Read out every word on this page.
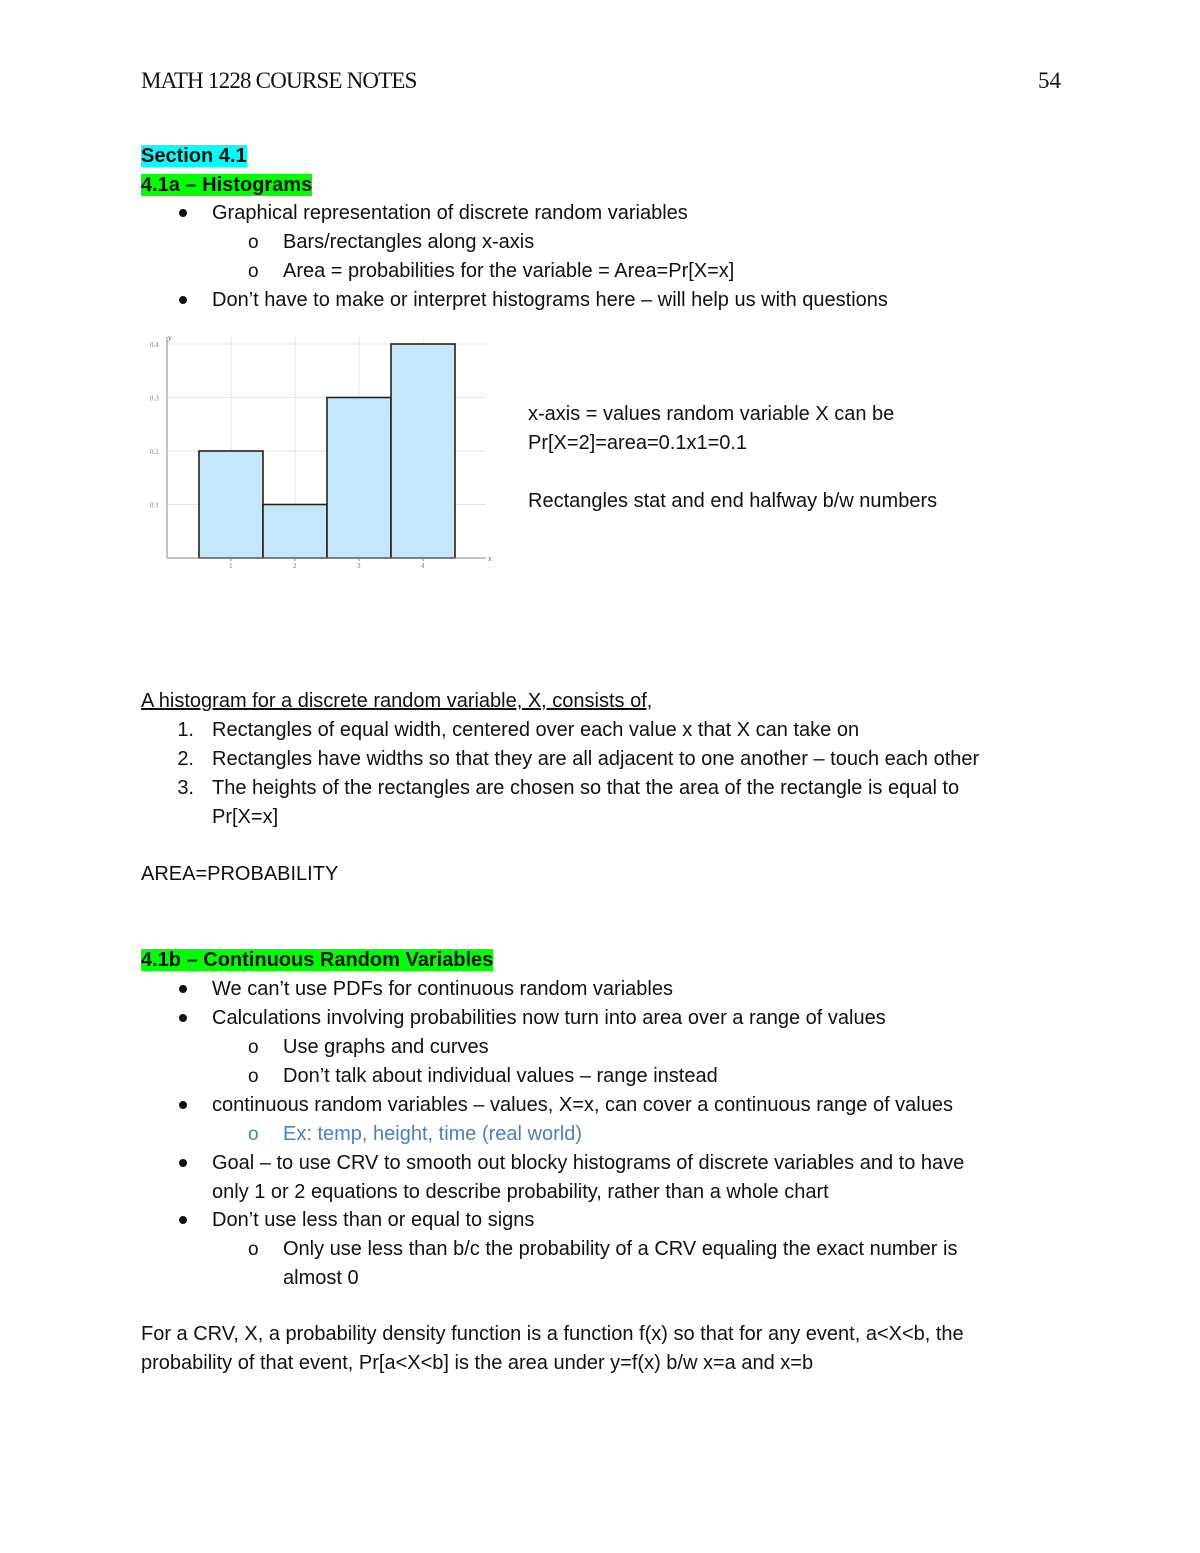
MATH 1228 COURSE NOTES	54
Section 4.1
4.1a – Histograms
Graphical representation of discrete random variables
o Bars/rectangles along x-axis
o Area = probabilities for the variable = Area=Pr[X=x]
Don’t have to make or interpret histograms here – will help us with questions
y
x
0.1
0.2
0.3
0.4
1	2	3	4
x-axis = values random variable X can be
Pr[X=2]=area=0.1x1=0.1
Rectangles stat and end halfway b/w numbers
A histogram for a discrete random variable, X, consists of,
1. Rectangles of equal width, centered over each value x that X can take on
2. Rectangles have widths so that they are all adjacent to one another – touch each other
3. The heights of the rectangles are chosen so that the area of the rectangle is equal to
Pr[X=x]
AREA=PROBABILITY
4.1b – Continuous Random Variables
We can’t use PDFs for continuous random variables
Calculations involving probabilities now turn into area over a range of values
o Use graphs and curves
o Don’t talk about individual values – range instead
continuous random variables – values, X=x, can cover a continuous range of values
o Ex: temp, height, time (real world)
Goal – to use CRV to smooth out blocky histograms of discrete variables and to have
only 1 or 2 equations to describe probability, rather than a whole chart
Don’t use less than or equal to signs
o Only use less than b/c the probability of a CRV equaling the exact number is
almost 0
For a CRV, X, a probability density function is a function f(x) so that for any event, a<X<b, the
probability of that event, Pr[a<X<b] is the area under y=f(x) b/w x=a and x=b
